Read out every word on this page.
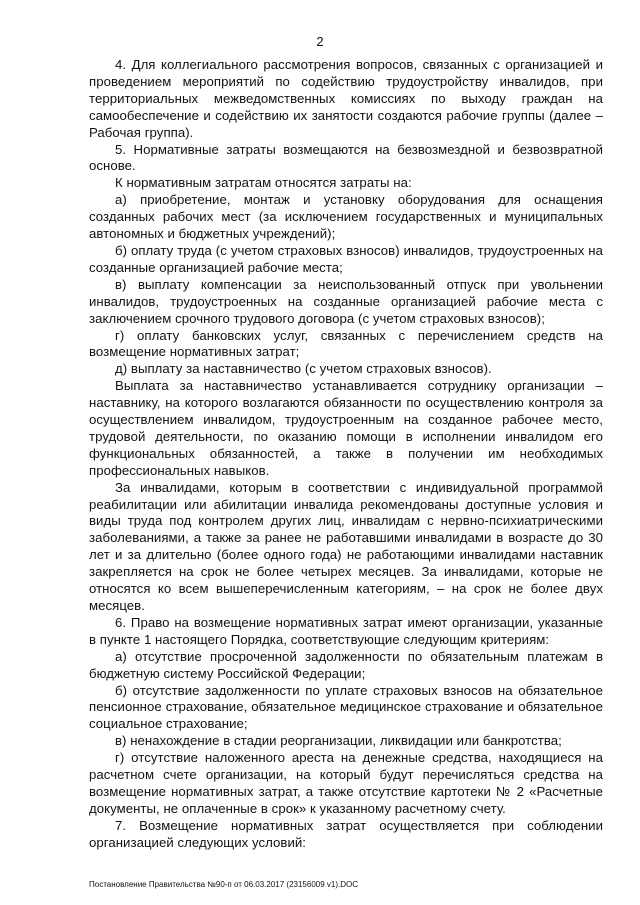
2

4. Для коллегиального рассмотрения вопросов, связанных с организацией и проведением мероприятий по содействию трудоустройству инвалидов, при территориальных межведомственных комиссиях по выходу граждан на самообеспечение и содействию их занятости создаются рабочие группы (далее – Рабочая группа).

5. Нормативные затраты возмещаются на безвозмездной и безвозвратной основе.

К нормативным затратам относятся затраты на:

а) приобретение, монтаж и установку оборудования для оснащения созданных рабочих мест (за исключением государственных и муниципальных автономных и бюджетных учреждений);

б) оплату труда (с учетом страховых взносов) инвалидов, трудоустроенных на созданные организацией рабочие места;

в) выплату компенсации за неиспользованный отпуск при увольнении инвалидов, трудоустроенных на созданные организацией рабочие места с заключением срочного трудового договора (с учетом страховых взносов);

г) оплату банковских услуг, связанных с перечислением средств на возмещение нормативных затрат;

д) выплату за наставничество (с учетом страховых взносов).

Выплата за наставничество устанавливается сотруднику организации – наставнику, на которого возлагаются обязанности по осуществлению контроля за осуществлением инвалидом, трудоустроенным на созданное рабочее место, трудовой деятельности, по оказанию помощи в исполнении инвалидом его функциональных обязанностей, а также в получении им необходимых профессиональных навыков.

За инвалидами, которым в соответствии с индивидуальной программой реабилитации или абилитации инвалида рекомендованы доступные условия и виды труда под контролем других лиц, инвалидам с нервно-психиатрическими заболеваниями, а также за ранее не работавшими инвалидами в возрасте до 30 лет и за длительно (более одного года) не работающими инвалидами наставник закрепляется на срок не более четырех месяцев. За инвалидами, которые не относятся ко всем вышеперечисленным категориям, – на срок не более двух месяцев.

6. Право на возмещение нормативных затрат имеют организации, указанные в пункте 1 настоящего Порядка, соответствующие следующим критериям:

а) отсутствие просроченной задолженности по обязательным платежам в бюджетную систему Российской Федерации;

б) отсутствие задолженности по уплате страховых взносов на обязательное пенсионное страхование, обязательное медицинское страхование и обязательное социальное страхование;

в) ненахождение в стадии реорганизации, ликвидации или банкротства;

г) отсутствие наложенного ареста на денежные средства, находящиеся на расчетном счете организации, на который будут перечисляться средства на возмещение нормативных затрат, а также отсутствие картотеки № 2 «Расчетные документы, не оплаченные в срок» к указанному расчетному счету.

7. Возмещение нормативных затрат осуществляется при соблюдении организацией следующих условий:

Постановление Правительства №90-п от 06.03.2017 (23156009 v1).DOC
